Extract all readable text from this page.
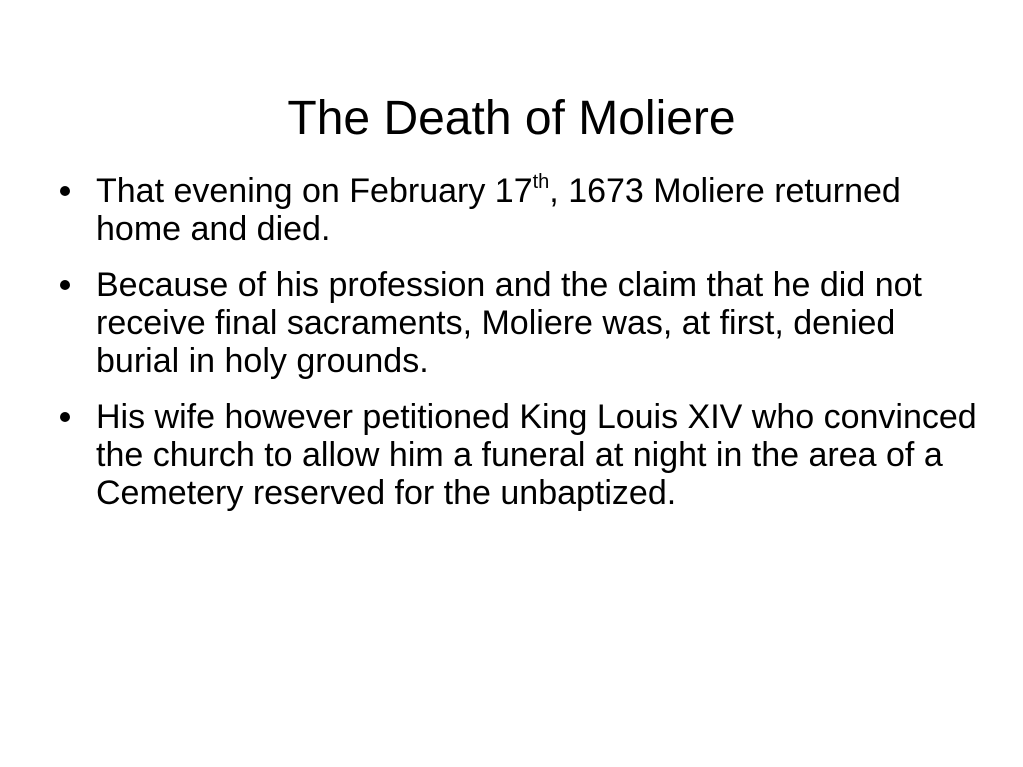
The Death of Moliere
That evening on February 17th, 1673 Moliere returned home and died.
Because of his profession and the claim that he did not receive final sacraments, Moliere was, at first, denied burial in holy grounds.
His wife however petitioned King Louis XIV who convinced the church to allow him a funeral at night in the area of a Cemetery reserved for the unbaptized.
